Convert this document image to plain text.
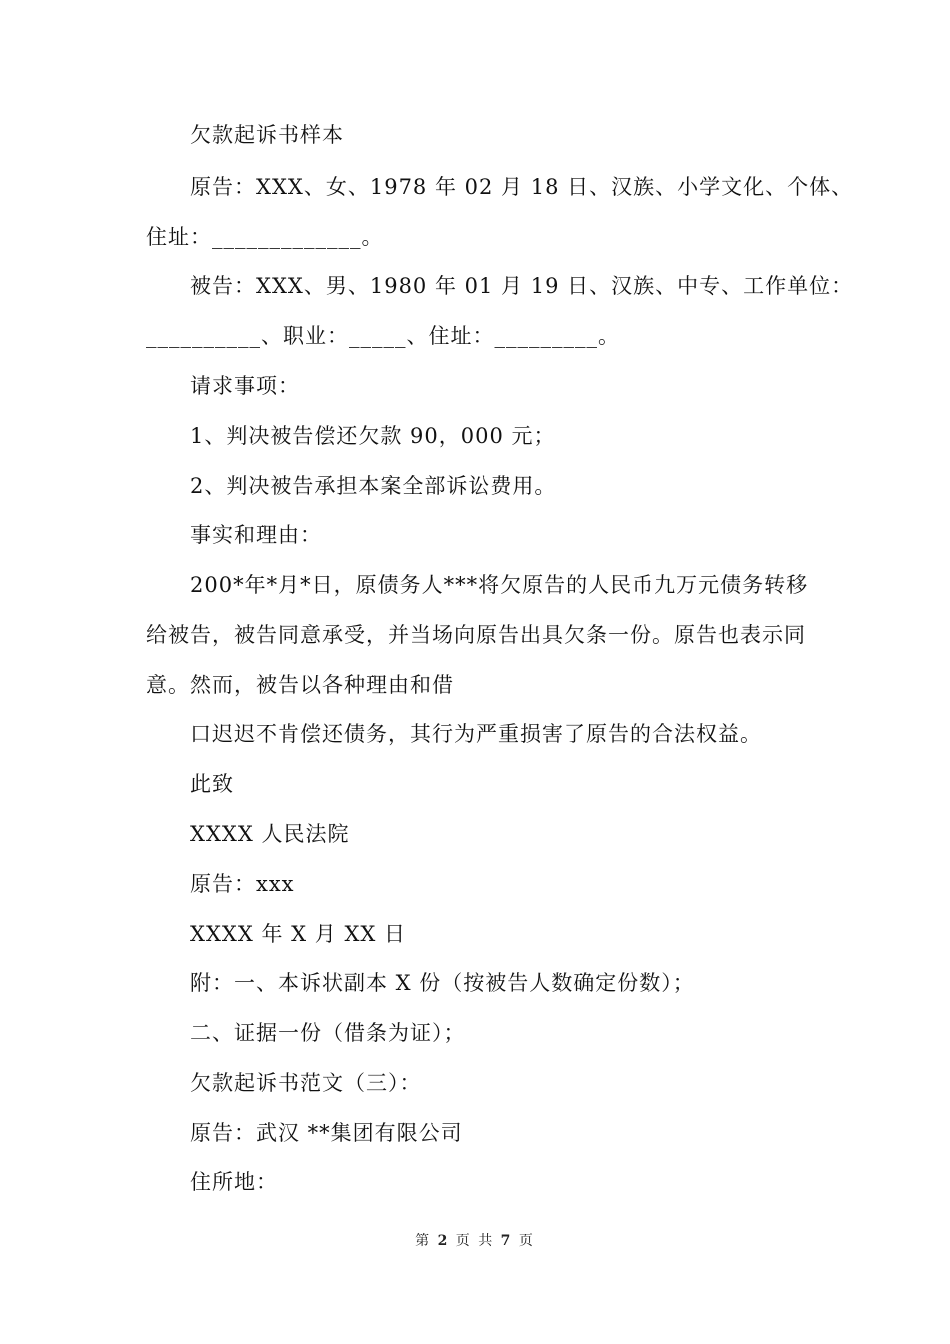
欠款起诉书样本
原告：XXX、女、1978 年 02 月 18 日、汉族、小学文化、个体、
住址：_____________。
被告：XXX、男、1980 年 01 月 19 日、汉族、中专、工作单位：
__________、职业：_____、住址：_________。
请求事项：
1、判决被告偿还欠款 90，000 元；
2、判决被告承担本案全部诉讼费用。
事实和理由：
200*年*月*日，原债务人***将欠原告的人民币九万元债务转移
给被告，被告同意承受，并当场向原告出具欠条一份。原告也表示同
意。然而，被告以各种理由和借
口迟迟不肯偿还债务，其行为严重损害了原告的合法权益。
此致
XXXX 人民法院
原告：xxx
XXXX 年 X 月 XX 日
附：一、本诉状副本 X 份（按被告人数确定份数）；
二、证据一份（借条为证）；
欠款起诉书范文（三）：
原告：武汉 **集团有限公司
住所地：
第 2 页 共 7 页
